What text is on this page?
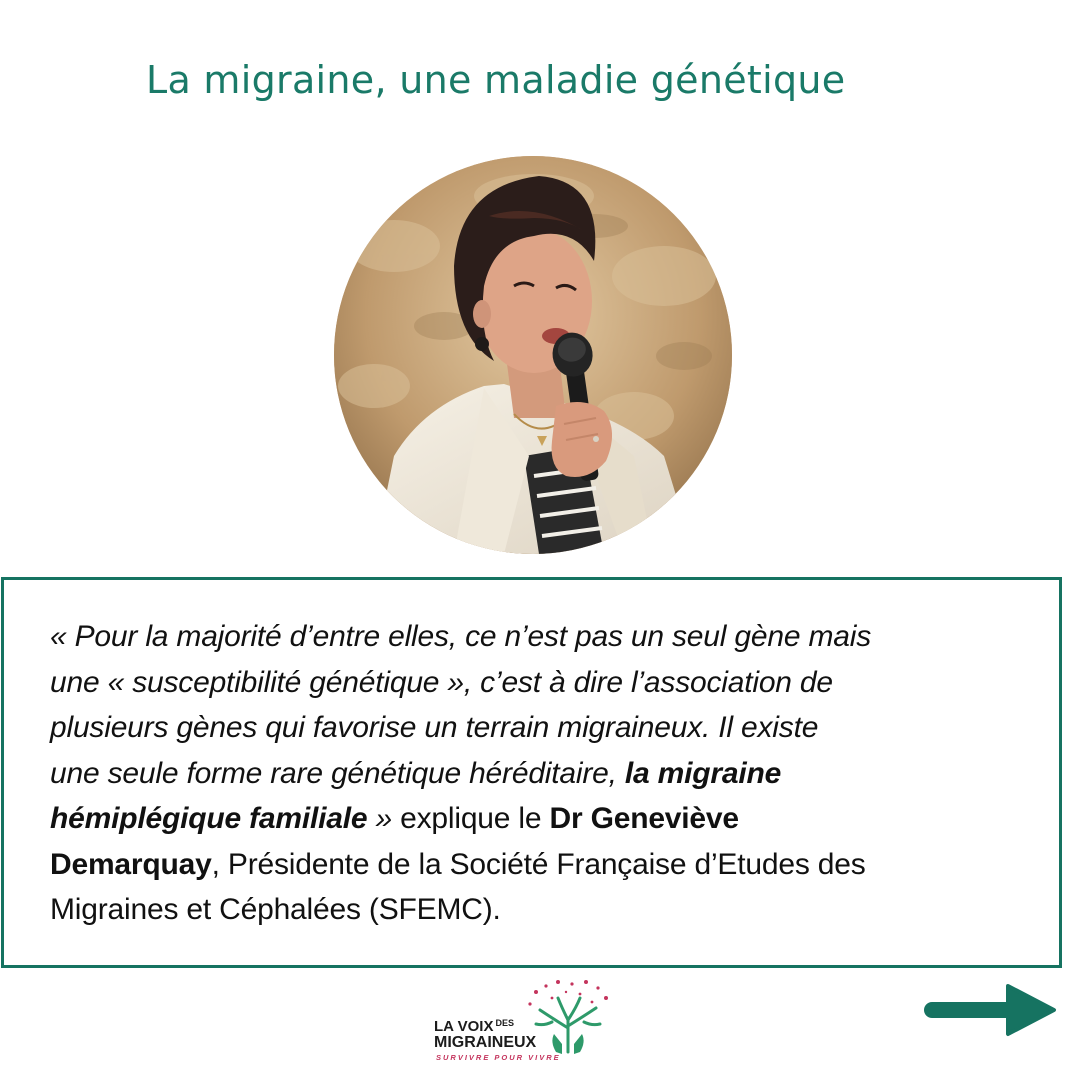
La migraine, une maladie génétique

« Pour la majorité d’entre elles, ce n’est pas un seul gène mais
une « susceptibilité génétique », c’est à dire l’association de
plusieurs gènes qui favorise un terrain migraineux. Il existe
une seule forme rare génétique héréditaire, la migraine
hémiplégique familiale » explique le Dr Geneviève
Demarquay, Présidente de la Société Française d’Etudes des
Migraines et Céphalées (SFEMC).

LA VOIX $^{DES}$
MIGRAINEUX
SURVIVRE POUR VIVRE
